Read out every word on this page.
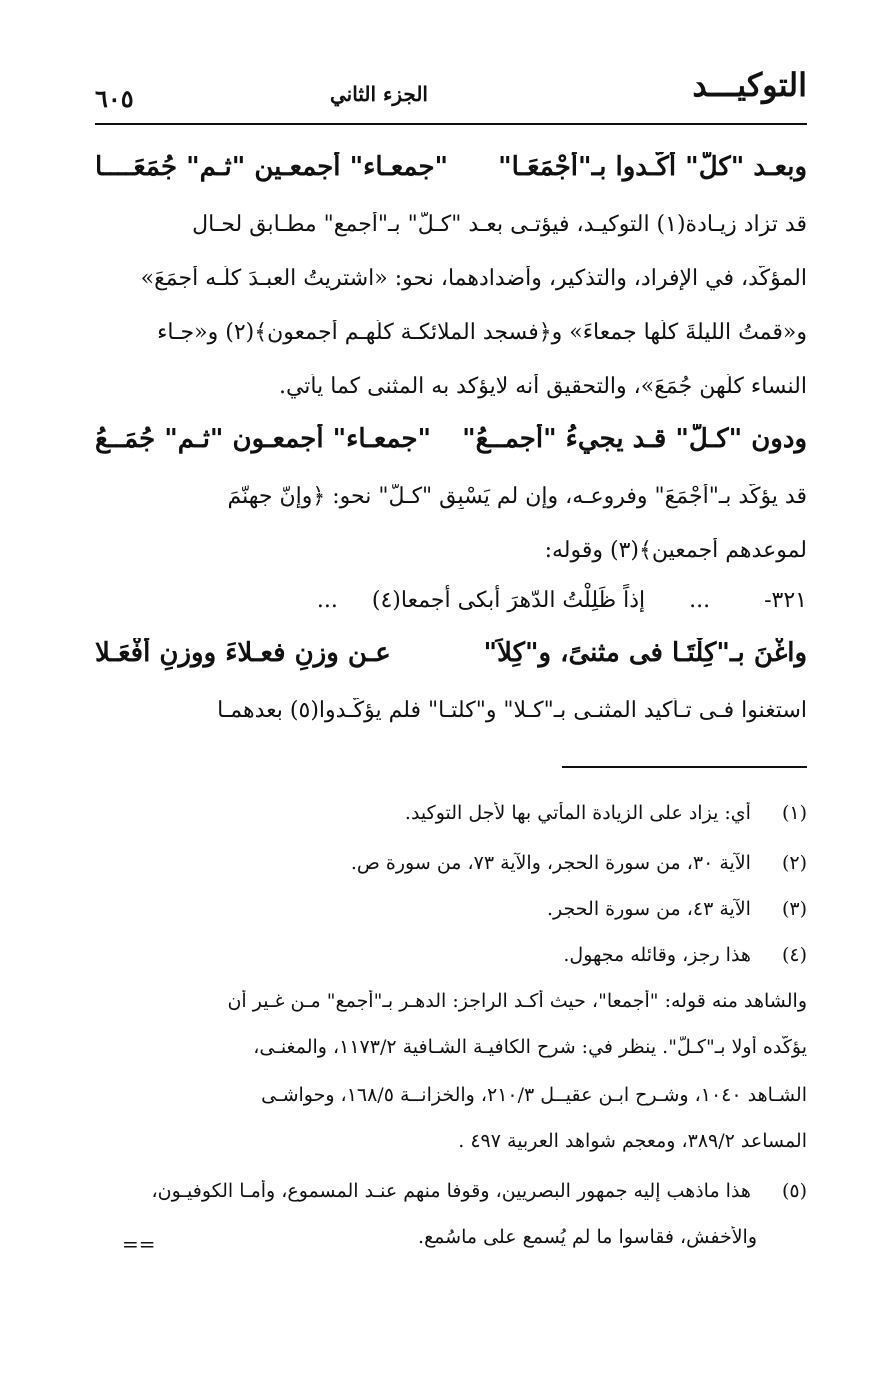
التوكيـــد
الجزء الثاني
٦٠٥
وبعـد "كلّ" أكّـدوا بـ"أجْمَعَـا"
"جمعـاء" أجمعـين "ثـم" جُمَعَــــا
قد تزاد زيـادة(١) التوكيـد، فيؤتـى بعـد "كـلّ" بـ"أجمع" مطـابق لحـال
المؤكّد، في الإفراد، والتذكير، وأضدادهما، نحو: «اشتريتُ العبـدَ كلّـه أجمَعَ»
و«قمتُ الليلةَ كلَّها جمعاءَ» و﴿فسجد الملائكـة كلُّهـم أجمعون﴾(٢) و«جـاء
النساء كلُّهن جُمَعَ»، والتحقيق أنه لايؤكد به المثنى كما يأتي.
ودون "كـلّ" قـد يجيءُ "أجمــعُ"
"جمعـاء" أجمعـون "ثـم" جُمَــعُ
قد يؤكّد بـ"أَجْمَعَ" وفروعـه، وإن لم يَسْبِق "كـلٌّ" نحو: ﴿وإنّ جهنّمَ
لموعدهم أجمعين﴾(٣) وقوله:
٣٢١-  ...  إذاً ظَلِلْتُ الدّهرَ أبكى أجمعا(٤)  ...
واغْنَ بـ"كِلْتَـا فى مثنىً، و"كِلاَ"
عـن وزنِ فعـلاءَ ووزنِ أفْعَـلا
استغنوا فـى تـأكيد المثنـى بـ"كـلا" و"كلتـا" فلم يؤكّـدوا(٥) بعدهمـا
(١) أي: يزاد على الزيادة المأتي بها لأجل التوكيد.
(٢) الآية ٣٠، من سورة الحجر، والآية ٧٣، من سورة ص.
(٣) الآية ٤٣، من سورة الحجر.
(٤) هذا رجز، وقائله مجهول.
والشاهد منه قوله: "أجمعا"، حيث أكـد الراجز: الدهـر بـ"أجمع" مـن غـير أن
يؤكّده أولا بـ"كـلّ". ينظر في: شرح الكافيـة الشـافية ١١٧٣/٢، والمغنـى،
الشـاهد ١٠٤٠، وشـرح ابـن عقيــل ٢١٠/٣، والخزانــة ١٦٨/٥، وحواشـى
المساعد ٣٨٩/٢، ومعجم شواهد العربية ٤٩٧ .
(٥) هذا ماذهب إليه جمهور البصريين، وقوفا منهم عنـد المسموع، وأمـا الكوفيـون،
والأخفش، فقاسوا ما لم يُسمع على ماسُمع.
==
